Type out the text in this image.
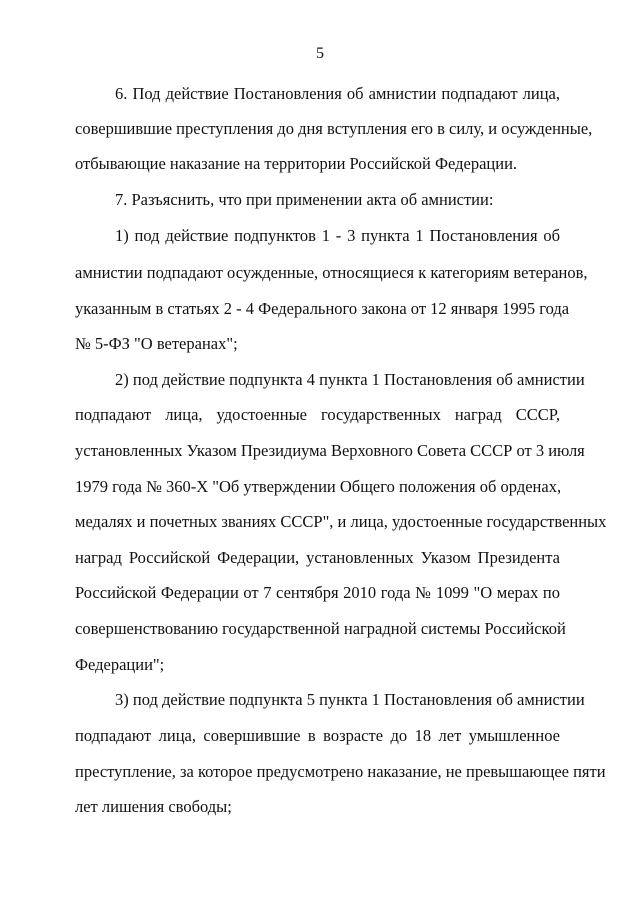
5
6. Под действие Постановления об амнистии подпадают лица,
совершившие преступления до дня вступления его в силу, и осужденные,
отбывающие наказание на территории Российской Федерации.
7. Разъяснить, что при применении акта об амнистии:
1) под действие подпунктов 1 - 3 пункта 1 Постановления об
амнистии подпадают осужденные, относящиеся к категориям ветеранов,
указанным в статьях 2 - 4 Федерального закона от 12 января 1995 года
№ 5-ФЗ "О ветеранах";
2) под действие подпункта 4 пункта 1 Постановления об амнистии
подпадают лица, удостоенные государственных наград СССР,
установленных Указом Президиума Верховного Совета СССР от 3 июля
1979 года № 360-X "Об утверждении Общего положения об орденах,
медалях и почетных званиях СССР", и лица, удостоенные государственных
наград Российской Федерации, установленных Указом Президента
Российской Федерации от 7 сентября 2010 года № 1099 "О мерах по
совершенствованию государственной наградной системы Российской
Федерации";
3) под действие подпункта 5 пункта 1 Постановления об амнистии
подпадают лица, совершившие в возрасте до 18 лет умышленное
преступление, за которое предусмотрено наказание, не превышающее пяти
лет лишения свободы;
